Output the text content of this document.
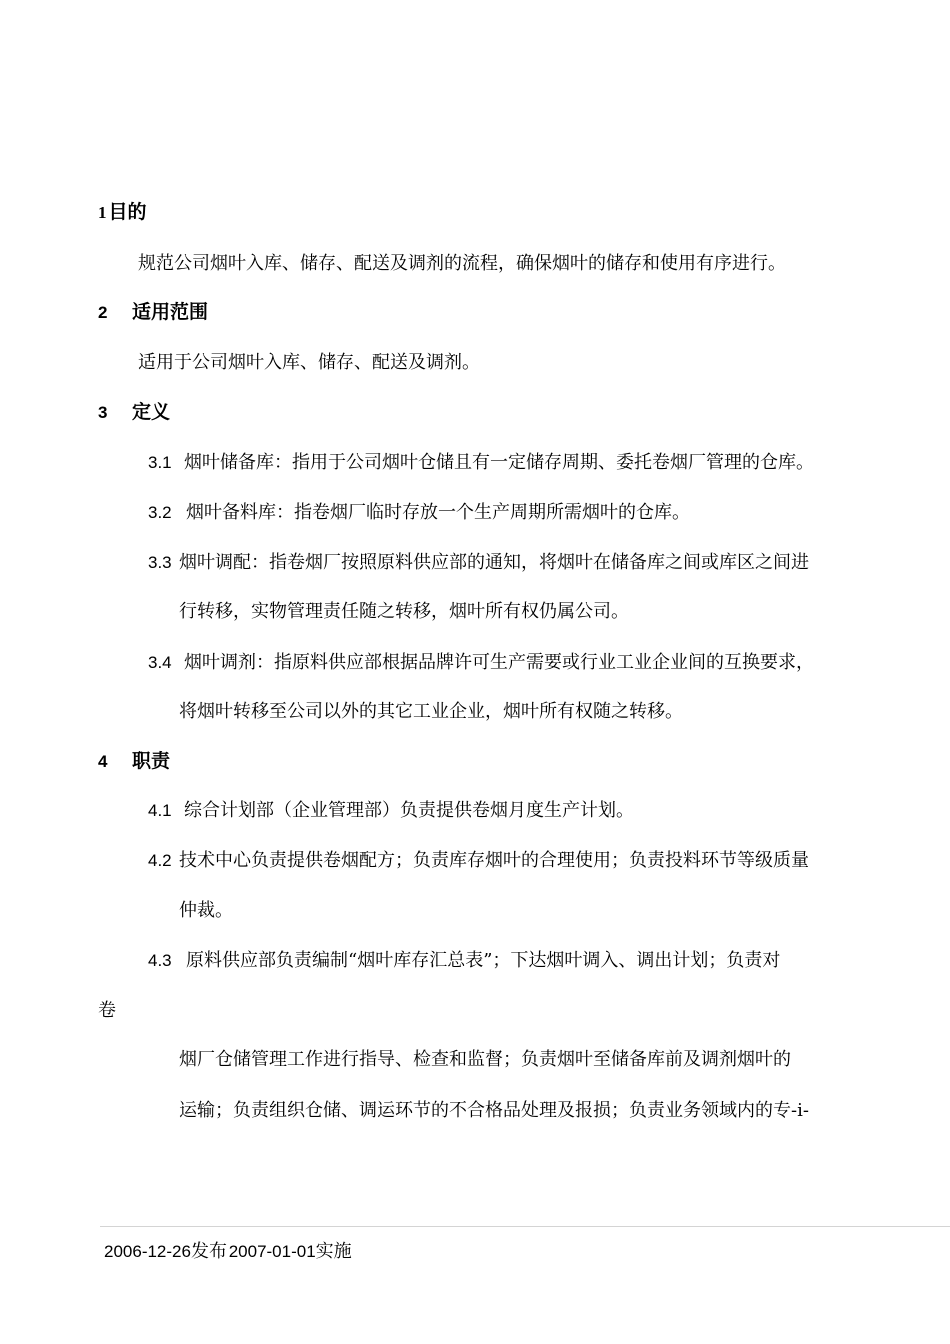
1 目的
规范公司烟叶入库、储存、配送及调剂的流程，确保烟叶的储存和使用有序进行。
2 适用范围
适用于公司烟叶入库、储存、配送及调剂。
3 定义
3.1 烟叶储备库：指用于公司烟叶仓储且有一定储存周期、委托卷烟厂管理的仓库。
3.2 烟叶备料库：指卷烟厂临时存放一个生产周期所需烟叶的仓库。
3.3 烟叶调配：指卷烟厂按照原料供应部的通知，将烟叶在储备库之间或库区之间进
行转移，实物管理责任随之转移，烟叶所有权仍属公司。
3.4 烟叶调剂：指原料供应部根据品牌许可生产需要或行业工业企业间的互换要求，
将烟叶转移至公司以外的其它工业企业，烟叶所有权随之转移。
4 职责
4.1 综合计划部（企业管理部）负责提供卷烟月度生产计划。
4.2 技术中心负责提供卷烟配方；负责库存烟叶的合理使用；负责投料环节等级质量
仲裁。
4.3 原料供应部负责编制“烟叶库存汇总表”；下达烟叶调入、调出计划；负责对
卷
烟厂仓储管理工作进行指导、检查和监督；负责烟叶至储备库前及调剂烟叶的
运输；负责组织仓储、调运环节的不合格品处理及报损；负责业务领域内的专-i-
2006-12-26发布 2007-01-01实施
